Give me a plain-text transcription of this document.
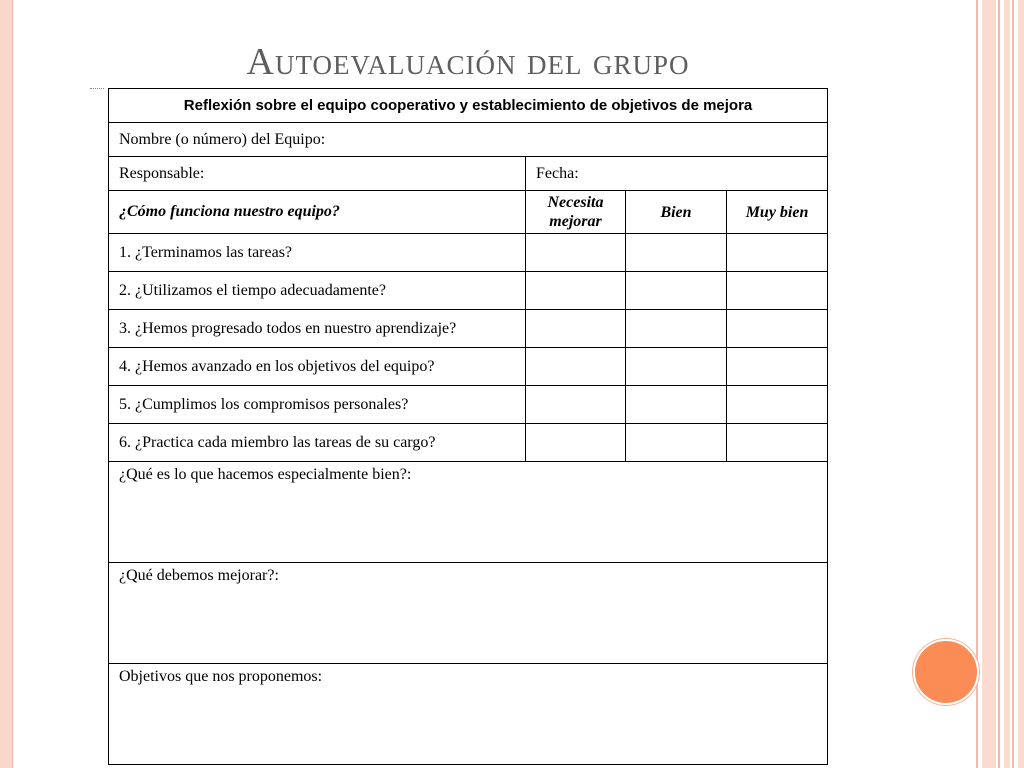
Autoevaluación del grupo
Reflexión sobre el equipo cooperativo y establecimiento de objetivos de mejora			
Nombre (o número) del Equipo:			
Responsable:	Fecha:		
¿Cómo funciona nuestro equipo?	Necesita mejorar	Bien	Muy bien
1. ¿Terminamos las tareas?			
2. ¿Utilizamos el tiempo adecuadamente?			
3. ¿Hemos progresado todos en nuestro aprendizaje?			
4. ¿Hemos avanzado en los objetivos del equipo?			
5. ¿Cumplimos los compromisos personales?			
6. ¿Practica cada miembro las tareas de su cargo?			
¿Qué es lo que hacemos especialmente bien?:			
¿Qué debemos mejorar?:			
Objetivos que nos proponemos:			
